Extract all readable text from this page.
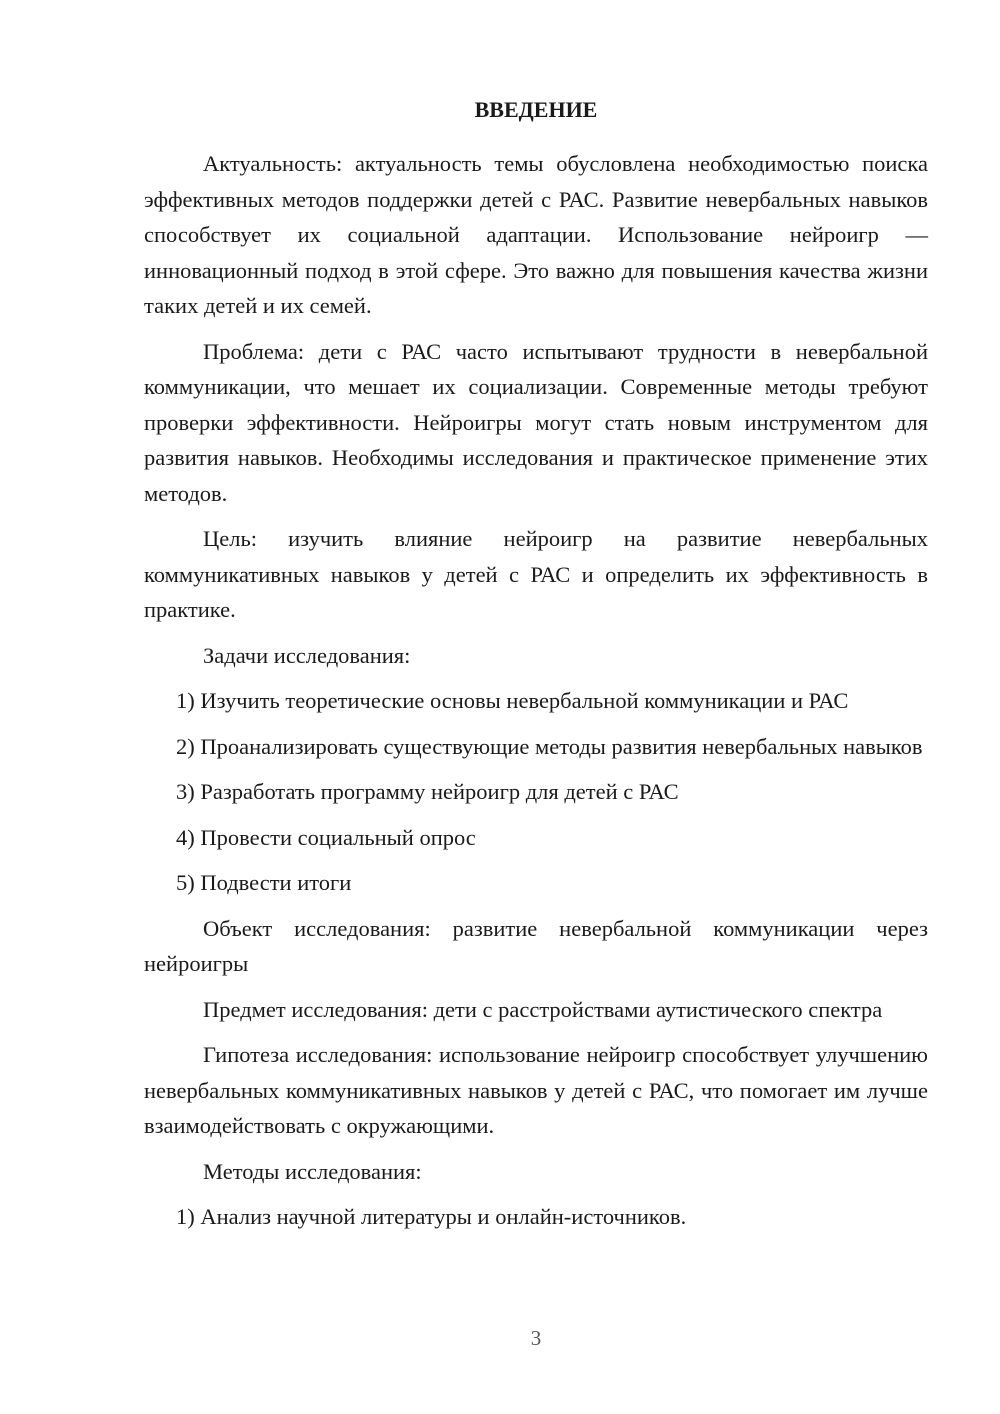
ВВЕДЕНИЕ

Актуальность: актуальность темы обусловлена необходимостью поиска эффективных методов поддержки детей с РАС. Развитие невербальных навыков способствует их социальной адаптации. Использование нейроигр — инновационный подход в этой сфере. Это важно для повышения качества жизни таких детей и их семей.

Проблема: дети с РАС часто испытывают трудности в невербальной коммуникации, что мешает их социализации. Современные методы требуют проверки эффективности. Нейроигры могут стать новым инструментом для развития навыков. Необходимы исследования и практическое применение этих методов.

Цель: изучить влияние нейроигр на развитие невербальных коммуникативных навыков у детей с РАС и определить их эффективность в практике.

Задачи исследования:

1) Изучить теоретические основы невербальной коммуникации и РАС

2) Проанализировать существующие методы развития невербальных навыков

3) Разработать программу нейроигр для детей с РАС

4) Провести социальный опрос

5) Подвести итоги

Объект исследования: развитие невербальной коммуникации через нейроигры

Предмет исследования: дети с расстройствами аутистического спектра

Гипотеза исследования: использование нейроигр способствует улучшению невербальных коммуникативных навыков у детей с РАС, что помогает им лучше взаимодействовать с окружающими.

Методы исследования:

1) Анализ научной литературы и онлайн-источников.

3
